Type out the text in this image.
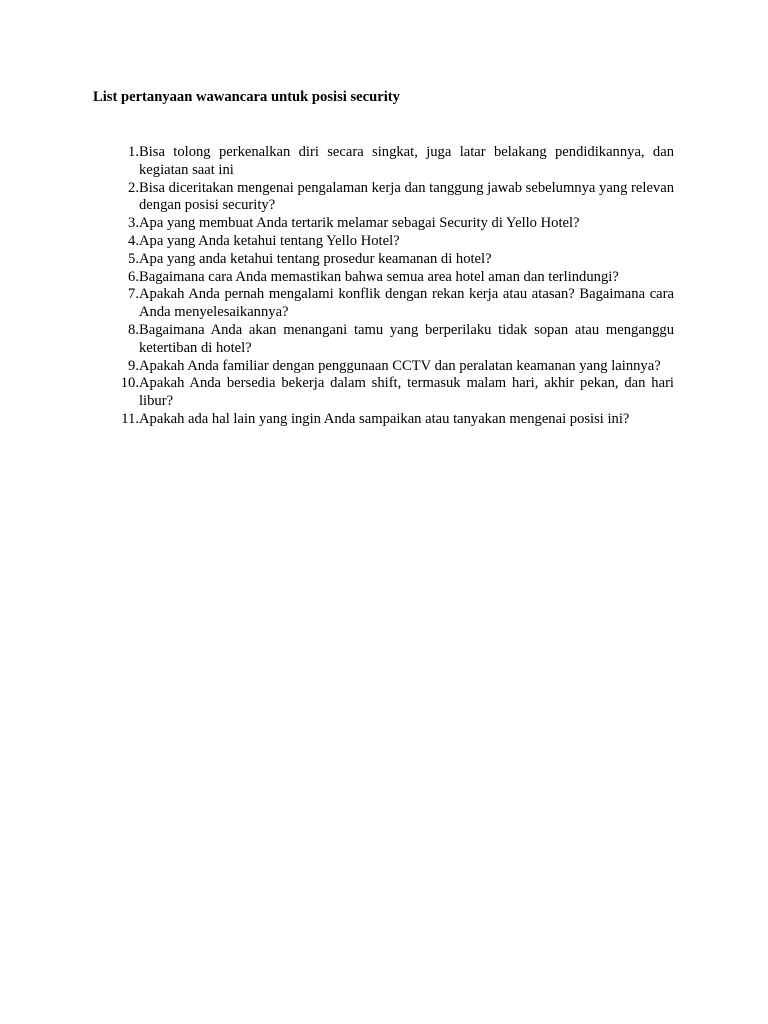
List pertanyaan wawancara untuk posisi security
1. Bisa tolong perkenalkan diri secara singkat, juga latar belakang pendidikannya, dan kegiatan saat ini
2. Bisa diceritakan mengenai pengalaman kerja dan tanggung jawab sebelumnya yang relevan dengan posisi security?
3. Apa yang membuat Anda tertarik melamar sebagai Security di Yello Hotel?
4. Apa yang Anda ketahui tentang Yello Hotel?
5. Apa yang anda ketahui tentang prosedur keamanan di hotel?
6. Bagaimana cara Anda memastikan bahwa semua area hotel aman dan terlindungi?
7. Apakah Anda pernah mengalami konflik dengan rekan kerja atau atasan? Bagaimana cara Anda menyelesaikannya?
8. Bagaimana Anda akan menangani tamu yang berperilaku tidak sopan atau menganggu ketertiban di hotel?
9. Apakah Anda familiar dengan penggunaan CCTV dan peralatan keamanan yang lainnya?
10. Apakah Anda bersedia bekerja dalam shift, termasuk malam hari, akhir pekan, dan hari libur?
11. Apakah ada hal lain yang ingin Anda sampaikan atau tanyakan mengenai posisi ini?
